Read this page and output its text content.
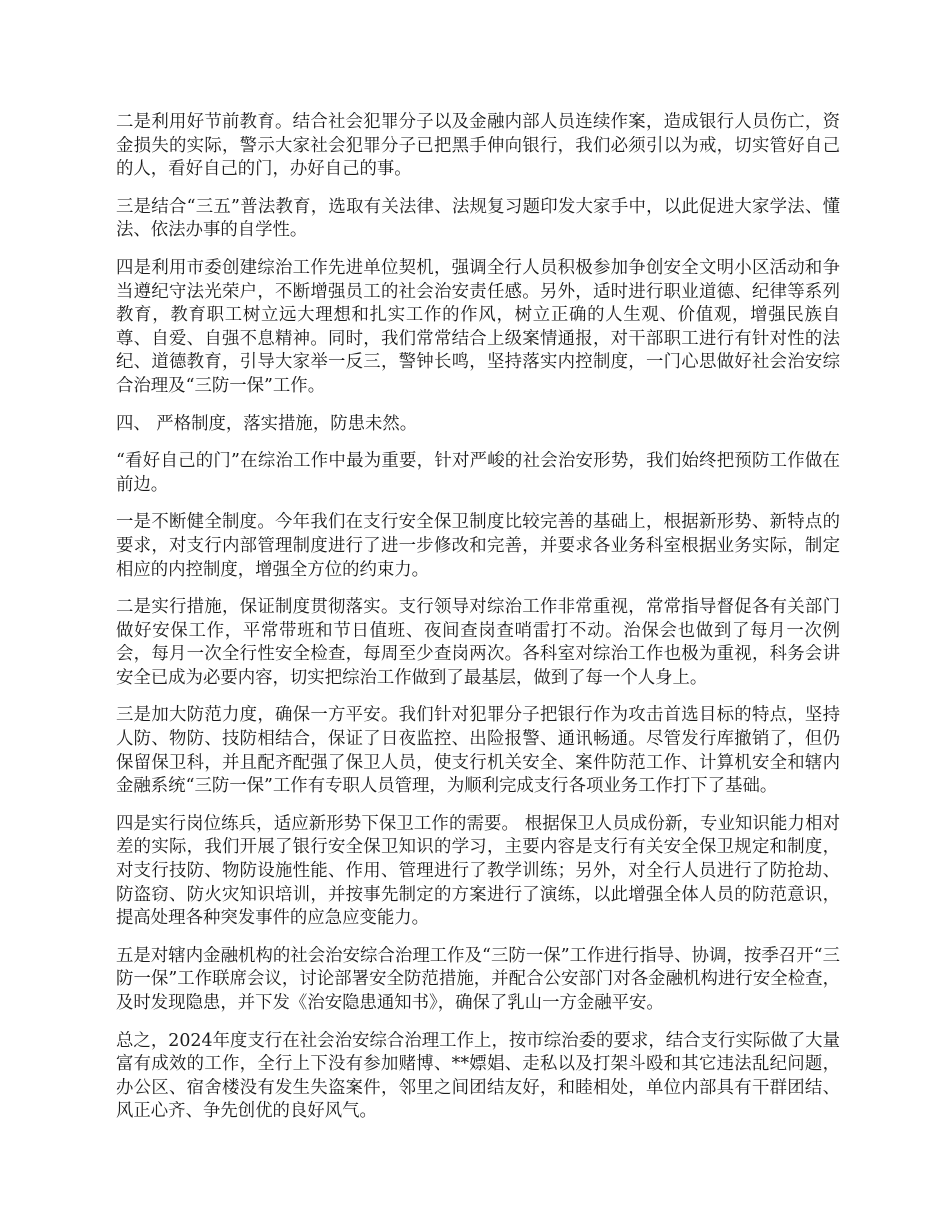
二是利用好节前教育。结合社会犯罪分子以及金融内部人员连续作案，造成银行人员伤亡，资金损失的实际，警示大家社会犯罪分子已把黑手伸向银行，我们必须引以为戒，切实管好自己的人，看好自己的门，办好自己的事。

三是结合“三五”普法教育，选取有关法律、法规复习题印发大家手中，以此促进大家学法、懂法、依法办事的自学性。

四是利用市委创建综治工作先进单位契机，强调全行人员积极参加争创安全文明小区活动和争当遵纪守法光荣户，不断增强员工的社会治安责任感。另外，适时进行职业道德、纪律等系列教育，教育职工树立远大理想和扎实工作的作风，树立正确的人生观、价值观，增强民族自尊、自爱、自强不息精神。同时，我们常常结合上级案情通报，对干部职工进行有针对性的法纪、道德教育，引导大家举一反三，警钟长鸣，坚持落实内控制度，一门心思做好社会治安综合治理及“三防一保”工作。

四、 严格制度，落实措施，防患未然。

“看好自己的门”在综治工作中最为重要，针对严峻的社会治安形势，我们始终把预防工作做在前边。

一是不断健全制度。今年我们在支行安全保卫制度比较完善的基础上，根据新形势、新特点的要求，对支行内部管理制度进行了进一步修改和完善，并要求各业务科室根据业务实际，制定相应的内控制度，增强全方位的约束力。

二是实行措施，保证制度贯彻落实。支行领导对综治工作非常重视，常常指导督促各有关部门做好安保工作，平常带班和节日值班、夜间查岗查哨雷打不动。治保会也做到了每月一次例会，每月一次全行性安全检查，每周至少查岗两次。各科室对综治工作也极为重视，科务会讲安全已成为必要内容，切实把综治工作做到了最基层，做到了每一个人身上。

三是加大防范力度，确保一方平安。我们针对犯罪分子把银行作为攻击首选目标的特点，坚持人防、物防、技防相结合，保证了日夜监控、出险报警、通讯畅通。尽管发行库撤销了，但仍保留保卫科，并且配齐配强了保卫人员，使支行机关安全、案件防范工作、计算机安全和辖内金融系统“三防一保”工作有专职人员管理，为顺利完成支行各项业务工作打下了基础。

四是实行岗位练兵，适应新形势下保卫工作的需要。 根据保卫人员成份新，专业知识能力相对差的实际，我们开展了银行安全保卫知识的学习，主要内容是支行有关安全保卫规定和制度，对支行技防、物防设施性能、作用、管理进行了教学训练；另外，对全行人员进行了防抢劫、防盗窃、防火灾知识培训，并按事先制定的方案进行了演练，以此增强全体人员的防范意识，提高处理各种突发事件的应急应变能力。

五是对辖内金融机构的社会治安综合治理工作及“三防一保”工作进行指导、协调，按季召开“三防一保”工作联席会议，讨论部署安全防范措施，并配合公安部门对各金融机构进行安全检查，及时发现隐患，并下发《治安隐患通知书》，确保了乳山一方金融平安。

总之，2024年度支行在社会治安综合治理工作上，按市综治委的要求，结合支行实际做了大量富有成效的工作，全行上下没有参加赌博、**嫖娼、走私以及打架斗殴和其它违法乱纪问题，办公区、宿舍楼没有发生失盗案件，邻里之间团结友好，和睦相处，单位内部具有干群团结、风正心齐、争先创优的良好风气。
